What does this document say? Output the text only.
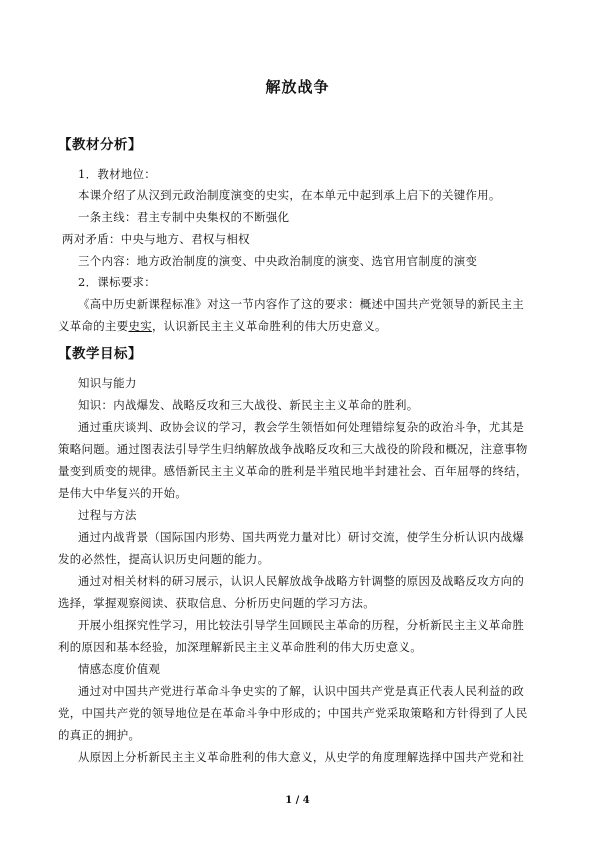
解放战争
【教材分析】
1．教材地位：
本课介绍了从汉到元政治制度演变的史实，在本单元中起到承上启下的关键作用。
一条主线：君主专制中央集权的不断强化
两对矛盾：中央与地方、君权与相权
三个内容：地方政治制度的演变、中央政治制度的演变、选官用官制度的演变
2．课标要求：
《高中历史新课程标准》对这一节内容作了这的要求：概述中国共产党领导的新民主主
义革命的主要史实，认识新民主主义革命胜利的伟大历史意义。
【教学目标】
知识与能力
知识：内战爆发、战略反攻和三大战役、新民主主义革命的胜利。
通过重庆谈判、政协会议的学习，教会学生领悟如何处理错综复杂的政治斗争，尤其是
策略问题。通过图表法引导学生归纳解放战争战略反攻和三大战役的阶段和概况，注意事物
量变到质变的规律。感悟新民主主义革命的胜利是半殖民地半封建社会、百年屈辱的终结，
是伟大中华复兴的开始。
过程与方法
通过内战背景（国际国内形势、国共两党力量对比）研讨交流，使学生分析认识内战爆
发的必然性，提高认识历史问题的能力。
通过对相关材料的研习展示，认识人民解放战争战略方针调整的原因及战略反攻方向的
选择，掌握观察阅读、获取信息、分析历史问题的学习方法。
开展小组探究性学习，用比较法引导学生回顾民主革命的历程，分析新民主主义革命胜
利的原因和基本经验，加深理解新民主主义革命胜利的伟大历史意义。
情感态度价值观
通过对中国共产党进行革命斗争史实的了解，认识中国共产党是真正代表人民利益的政
党，中国共产党的领导地位是在革命斗争中形成的；中国共产党采取策略和方针得到了人民
的真正的拥护。
从原因上分析新民主主义革命胜利的伟大意义，从史学的角度理解选择中国共产党和社
1 / 4
